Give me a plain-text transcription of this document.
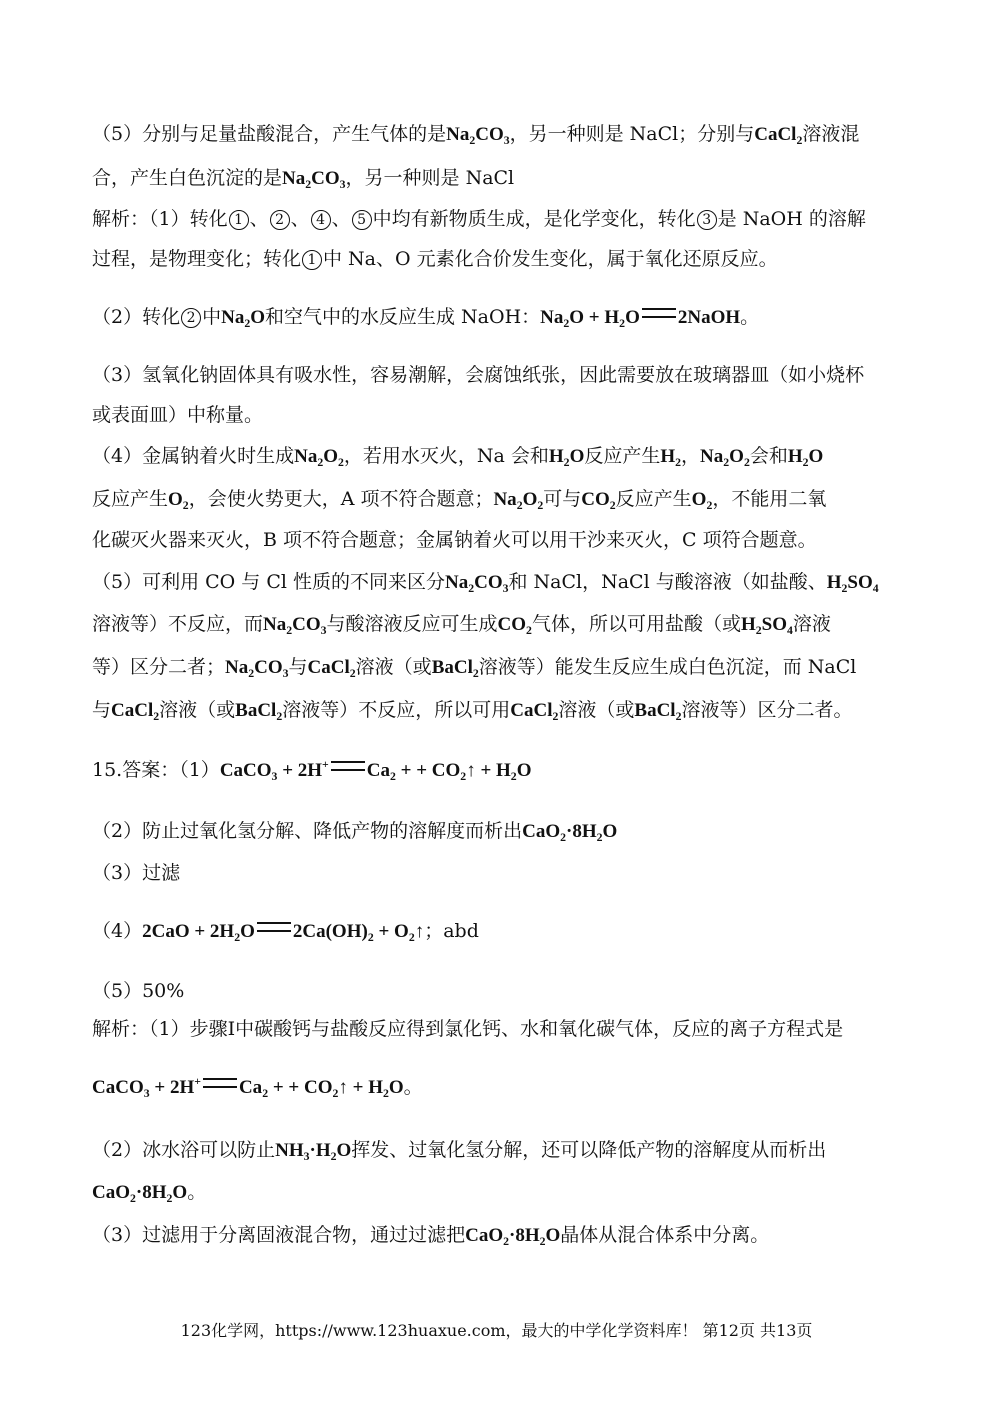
（5）分别与足量盐酸混合，产生气体的是$Na_2CO_3$，另一种则是 NaCl；分别与CaCl$_2$溶液混
合，产生白色沉淀的是$Na_2CO_3$，另一种则是 NaCl
解析：（1）转化 1 、 2 、 4 、 5 中均有新物质生成，是化学变化，转化 3 是 NaOH 的溶解
过程，是物理变化；转化 1 中 Na、O 元素化合价发生变化，属于氧化还原反应。
（2）转化 2 中$Na_2O$和空气中的水反应生成 NaOH：$Na_2O + H_2O$ 2NaOH。
（3）氢氧化钠固体具有吸水性，容易潮解，会腐蚀纸张，因此需要放在玻璃器皿（如小烧杯
或表面皿）中称量。
（4）金属钠着火时生成$Na_2O_2$，若用水灭火，Na 会和$H_2O$反应产生$H_2$，$Na_2O_2$会和$H_2O$
反应产生$O_2$，会使火势更大，A 项不符合题意；$Na_2O_2$可与$CO_2$反应产生$O_2$，不能用二氧
化碳灭火器来灭火，B 项不符合题意；金属钠着火可以用干沙来灭火，C 项符合题意。
（5）可利用 CO 与 Cl 性质的不同来区分$Na_2CO_3$和 NaCl，NaCl 与酸溶液（如盐酸、$H_2SO_4$
溶液等）不反应，而$Na_2CO_3$与酸溶液反应可生成$CO_2$气体，所以可用盐酸（或$H_2SO_4$溶液
等）区分二者；$Na_2CO_3$与CaCl$_2$溶液（或BaCl$_2$溶液等）能发生反应生成白色沉淀，而 NaCl
与CaCl$_2$溶液（或BaCl$_2$溶液等）不反应，所以可用CaCl$_2$溶液（或BaCl$_2$溶液等）区分二者。
15.答案：（1）CaCO$_3$ + 2H+ $Ca_2$ + + $CO_2↑ + H_2O$
（2）防止过氧化氢分解、降低产物的溶解度而析出$CaO_2\cdot 8H_2O$
（3）过滤
$(4)2CaO + 2H_2O$ $2Ca(OH)_2$ + $O_2↑$；abd
（5）50%
解析：（1）步骤Ⅰ中碳酸钙与盐酸反应得到氯化钙、水和氧化碳气体，反应的离子方程式是
CaCO$_3$ + 2H+ $Ca_2$ + + $CO_2↑ + H_2O$。
（2）冰水浴可以防止$NH_3\cdot H_2O$挥发、过氧化氢分解，还可以降低产物的溶解度从而析出
$CaO_2\cdot 8H_2O$。
（3）过滤用于分离固液混合物，通过过滤把$CaO_2\cdot 8H_2O$晶体从混合体系中分离。
123化学网，https://www.123huaxue.com，最大的中学化学资料库！ 第12页 共13页
